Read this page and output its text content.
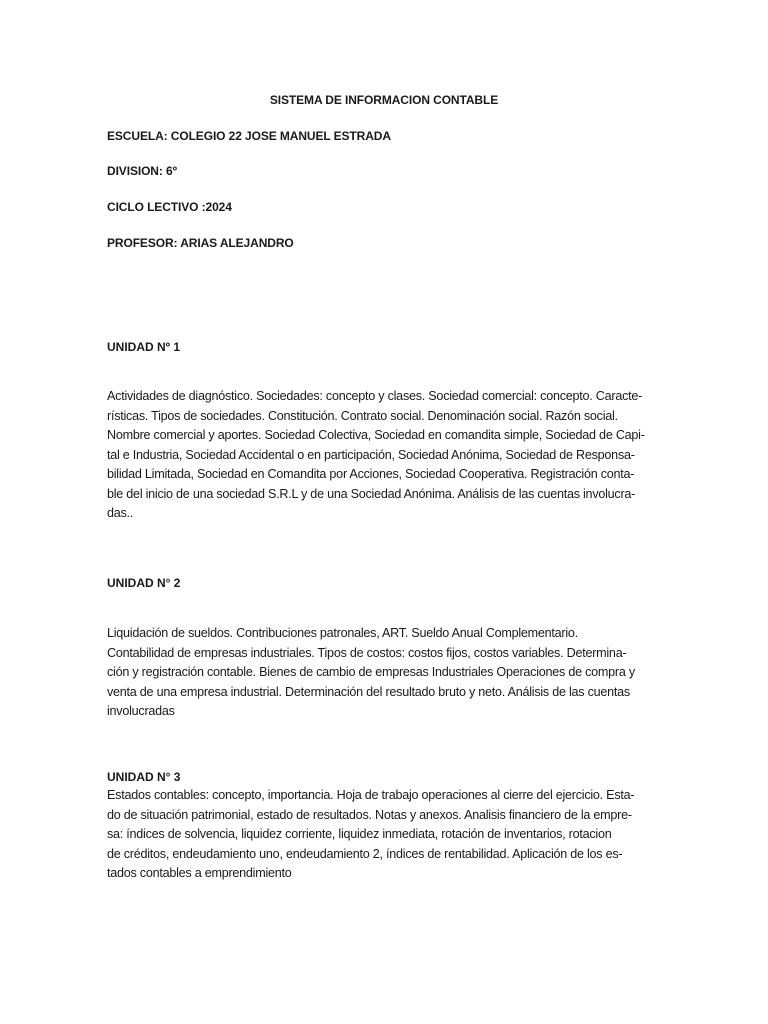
SISTEMA DE INFORMACION CONTABLE
ESCUELA: COLEGIO 22 JOSE MANUEL ESTRADA
DIVISION: 6º
CICLO LECTIVO :2024
PROFESOR: ARIAS ALEJANDRO
UNIDAD Nº 1
Actividades de diagnóstico. Sociedades: concepto y clases. Sociedad comercial: concepto. Caracte-
rísticas. Tipos de sociedades. Constitución. Contrato social. Denominación social. Razón social.
Nombre comercial y aportes. Sociedad Colectiva, Sociedad en comandita simple, Sociedad de Capi-
tal e Industria, Sociedad Accidental o en participación, Sociedad Anónima, Sociedad de Responsa-
bilidad Limitada, Sociedad en Comandita por Acciones, Sociedad Cooperativa. Registración conta-
ble del inicio de una sociedad S.R.L y de una Sociedad Anónima. Análisis de las cuentas involucra-
das..
UNIDAD N° 2
Liquidación de sueldos. Contribuciones patronales, ART. Sueldo Anual Complementario.
Contabilidad de empresas industriales. Tipos de costos: costos fijos, costos variables. Determina-
ción y registración contable. Bienes de cambio de empresas Industriales Operaciones de compra y
venta de una empresa industrial. Determinación del resultado bruto y neto. Análisis de las cuentas
involucradas
UNIDAD N° 3
Estados contables: concepto, importancia. Hoja de trabajo operaciones al cierre del ejercicio. Esta-
do de situación patrimonial, estado de resultados. Notas y anexos. Analisis financiero de la empre-
sa: índices de solvencia, liquidez corriente, liquidez inmediata, rotación de inventarios, rotacion
de créditos, endeudamiento uno, endeudamiento 2, índices de rentabilidad. Aplicación de los es-
tados contables a emprendimiento
